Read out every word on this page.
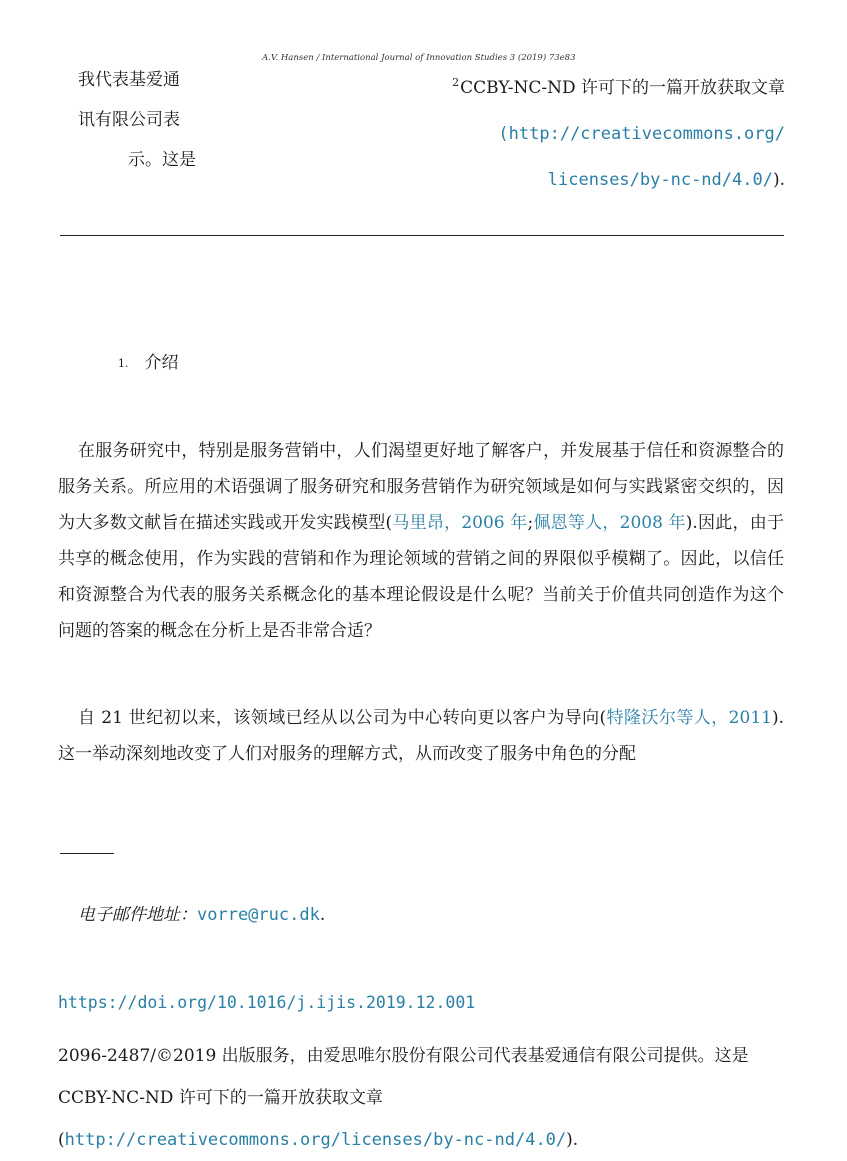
A.V. Hansen / International Journal of Innovation Studies 3 (2019) 73e83
我代表基爱通
讯有限公司表
示。这是
$^2$CCBY-NC-ND 许可下的一篇开放获取文章
(http://creativecommons.org/
licenses/by-nc-nd/4.0/).
1. 介绍

在服务研究中，特别是服务营销中，人们渴望更好地了解客户，并发展基于信任和资源整合的服务关系。所应用的术语强调了服务研究和服务营销作为研究领域是如何与实践紧密交织的，因为大多数文献旨在描述实践或开发实践模型(马里昂，2006 年;佩恩等人，2008 年).因此，由于共享的概念使用，作为实践的营销和作为理论领域的营销之间的界限似乎模糊了。因此，以信任和资源整合为代表的服务关系概念化的基本理论假设是什么呢？当前关于价值共同创造作为这个问题的答案的概念在分析上是否非常合适？

自 21 世纪初以来，该领域已经从以公司为中心转向更以客户为导向(特隆沃尔等人，2011).这一举动深刻地改变了人们对服务的理解方式，从而改变了服务中角色的分配

电子邮件地址：vorre@ruc.dk.
https://doi.org/10.1016/j.ijis.2019.12.001
2096-2487/©2019 出版服务，由爱思唯尔股份有限公司代表基爱通信有限公司提供。这是 CCBY-NC-ND 许可下的一篇开放获取文章
(http://creativecommons.org/licenses/by-nc-nd/4.0/).
